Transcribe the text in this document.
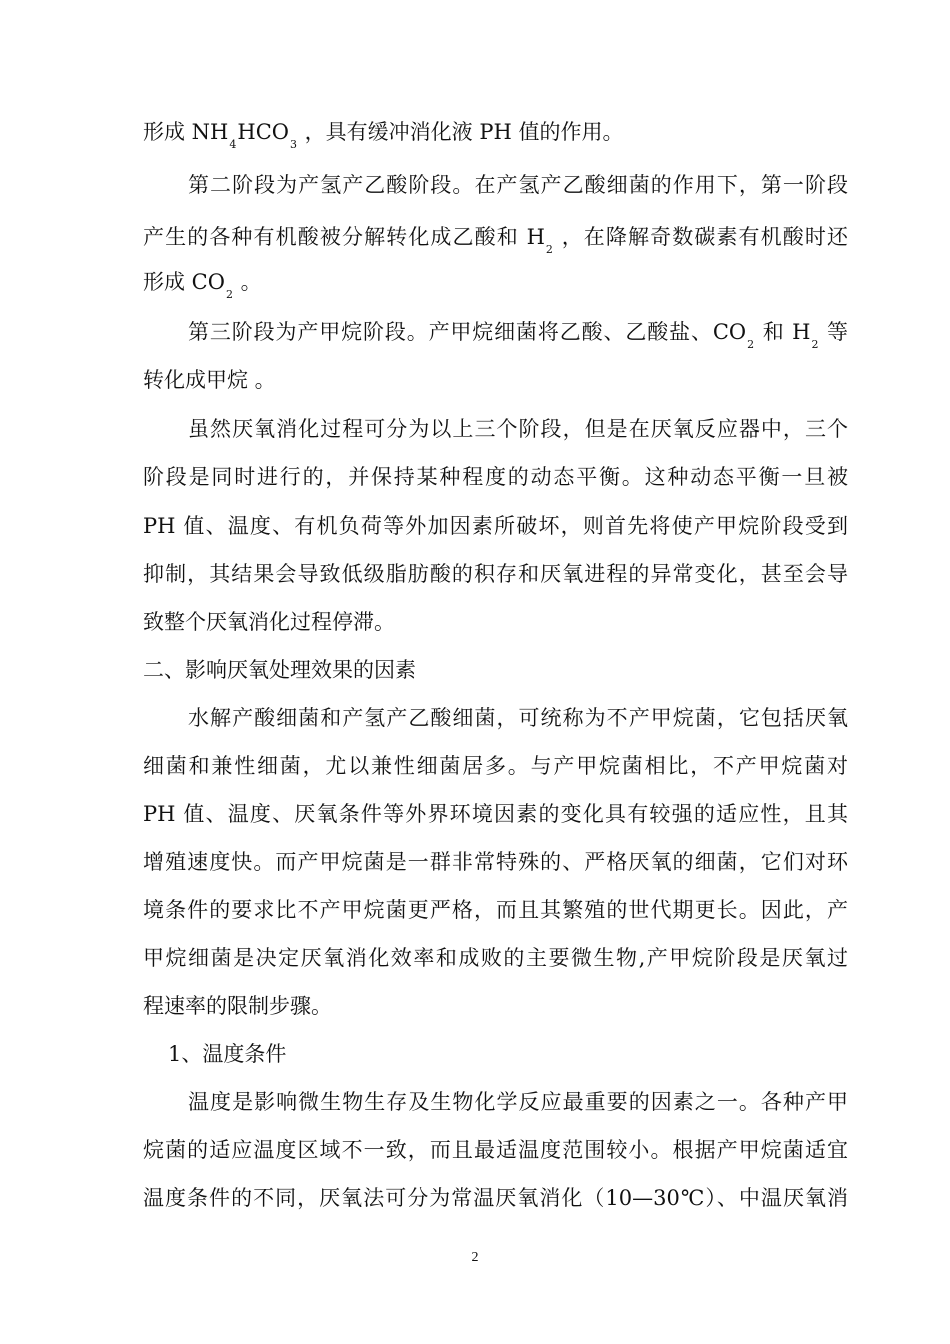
形成 $NH_4HCO_3$ ，具有缓冲消化液 PH 值的作用。
第二阶段为产氢产乙酸阶段。在产氢产乙酸细菌的作用下，第一阶段
产生的各种有机酸被分解转化成乙酸和 $H_2$ ，在降解奇数碳素有机酸时还
形成 $CO_2$ 。
第三阶段为产甲烷阶段。产甲烷细菌将乙酸、乙酸盐、$CO_2$ 和 $H_2$ 等
转化成甲烷 。
虽然厌氧消化过程可分为以上三个阶段，但是在厌氧反应器中，三个
阶段是同时进行的，并保持某种程度的动态平衡。这种动态平衡一旦被
PH 值、温度、有机负荷等外加因素所破坏，则首先将使产甲烷阶段受到
抑制，其结果会导致低级脂肪酸的积存和厌氧进程的异常变化，甚至会导
致整个厌氧消化过程停滞。
二、影响厌氧处理效果的因素
水解产酸细菌和产氢产乙酸细菌，可统称为不产甲烷菌，它包括厌氧
细菌和兼性细菌，尤以兼性细菌居多。与产甲烷菌相比，不产甲烷菌对
PH 值、温度、厌氧条件等外界环境因素的变化具有较强的适应性，且其
增殖速度快。而产甲烷菌是一群非常特殊的、严格厌氧的细菌，它们对环
境条件的要求比不产甲烷菌更严格，而且其繁殖的世代期更长。因此，产
甲烷细菌是决定厌氧消化效率和成败的主要微生物,产甲烷阶段是厌氧过
程速率的限制步骤。
1、温度条件
温度是影响微生物生存及生物化学反应最重要的因素之一。各种产甲
烷菌的适应温度区域不一致，而且最适温度范围较小。根据产甲烷菌适宜
温度条件的不同，厌氧法可分为常温厌氧消化（10—30℃）、中温厌氧消
2
